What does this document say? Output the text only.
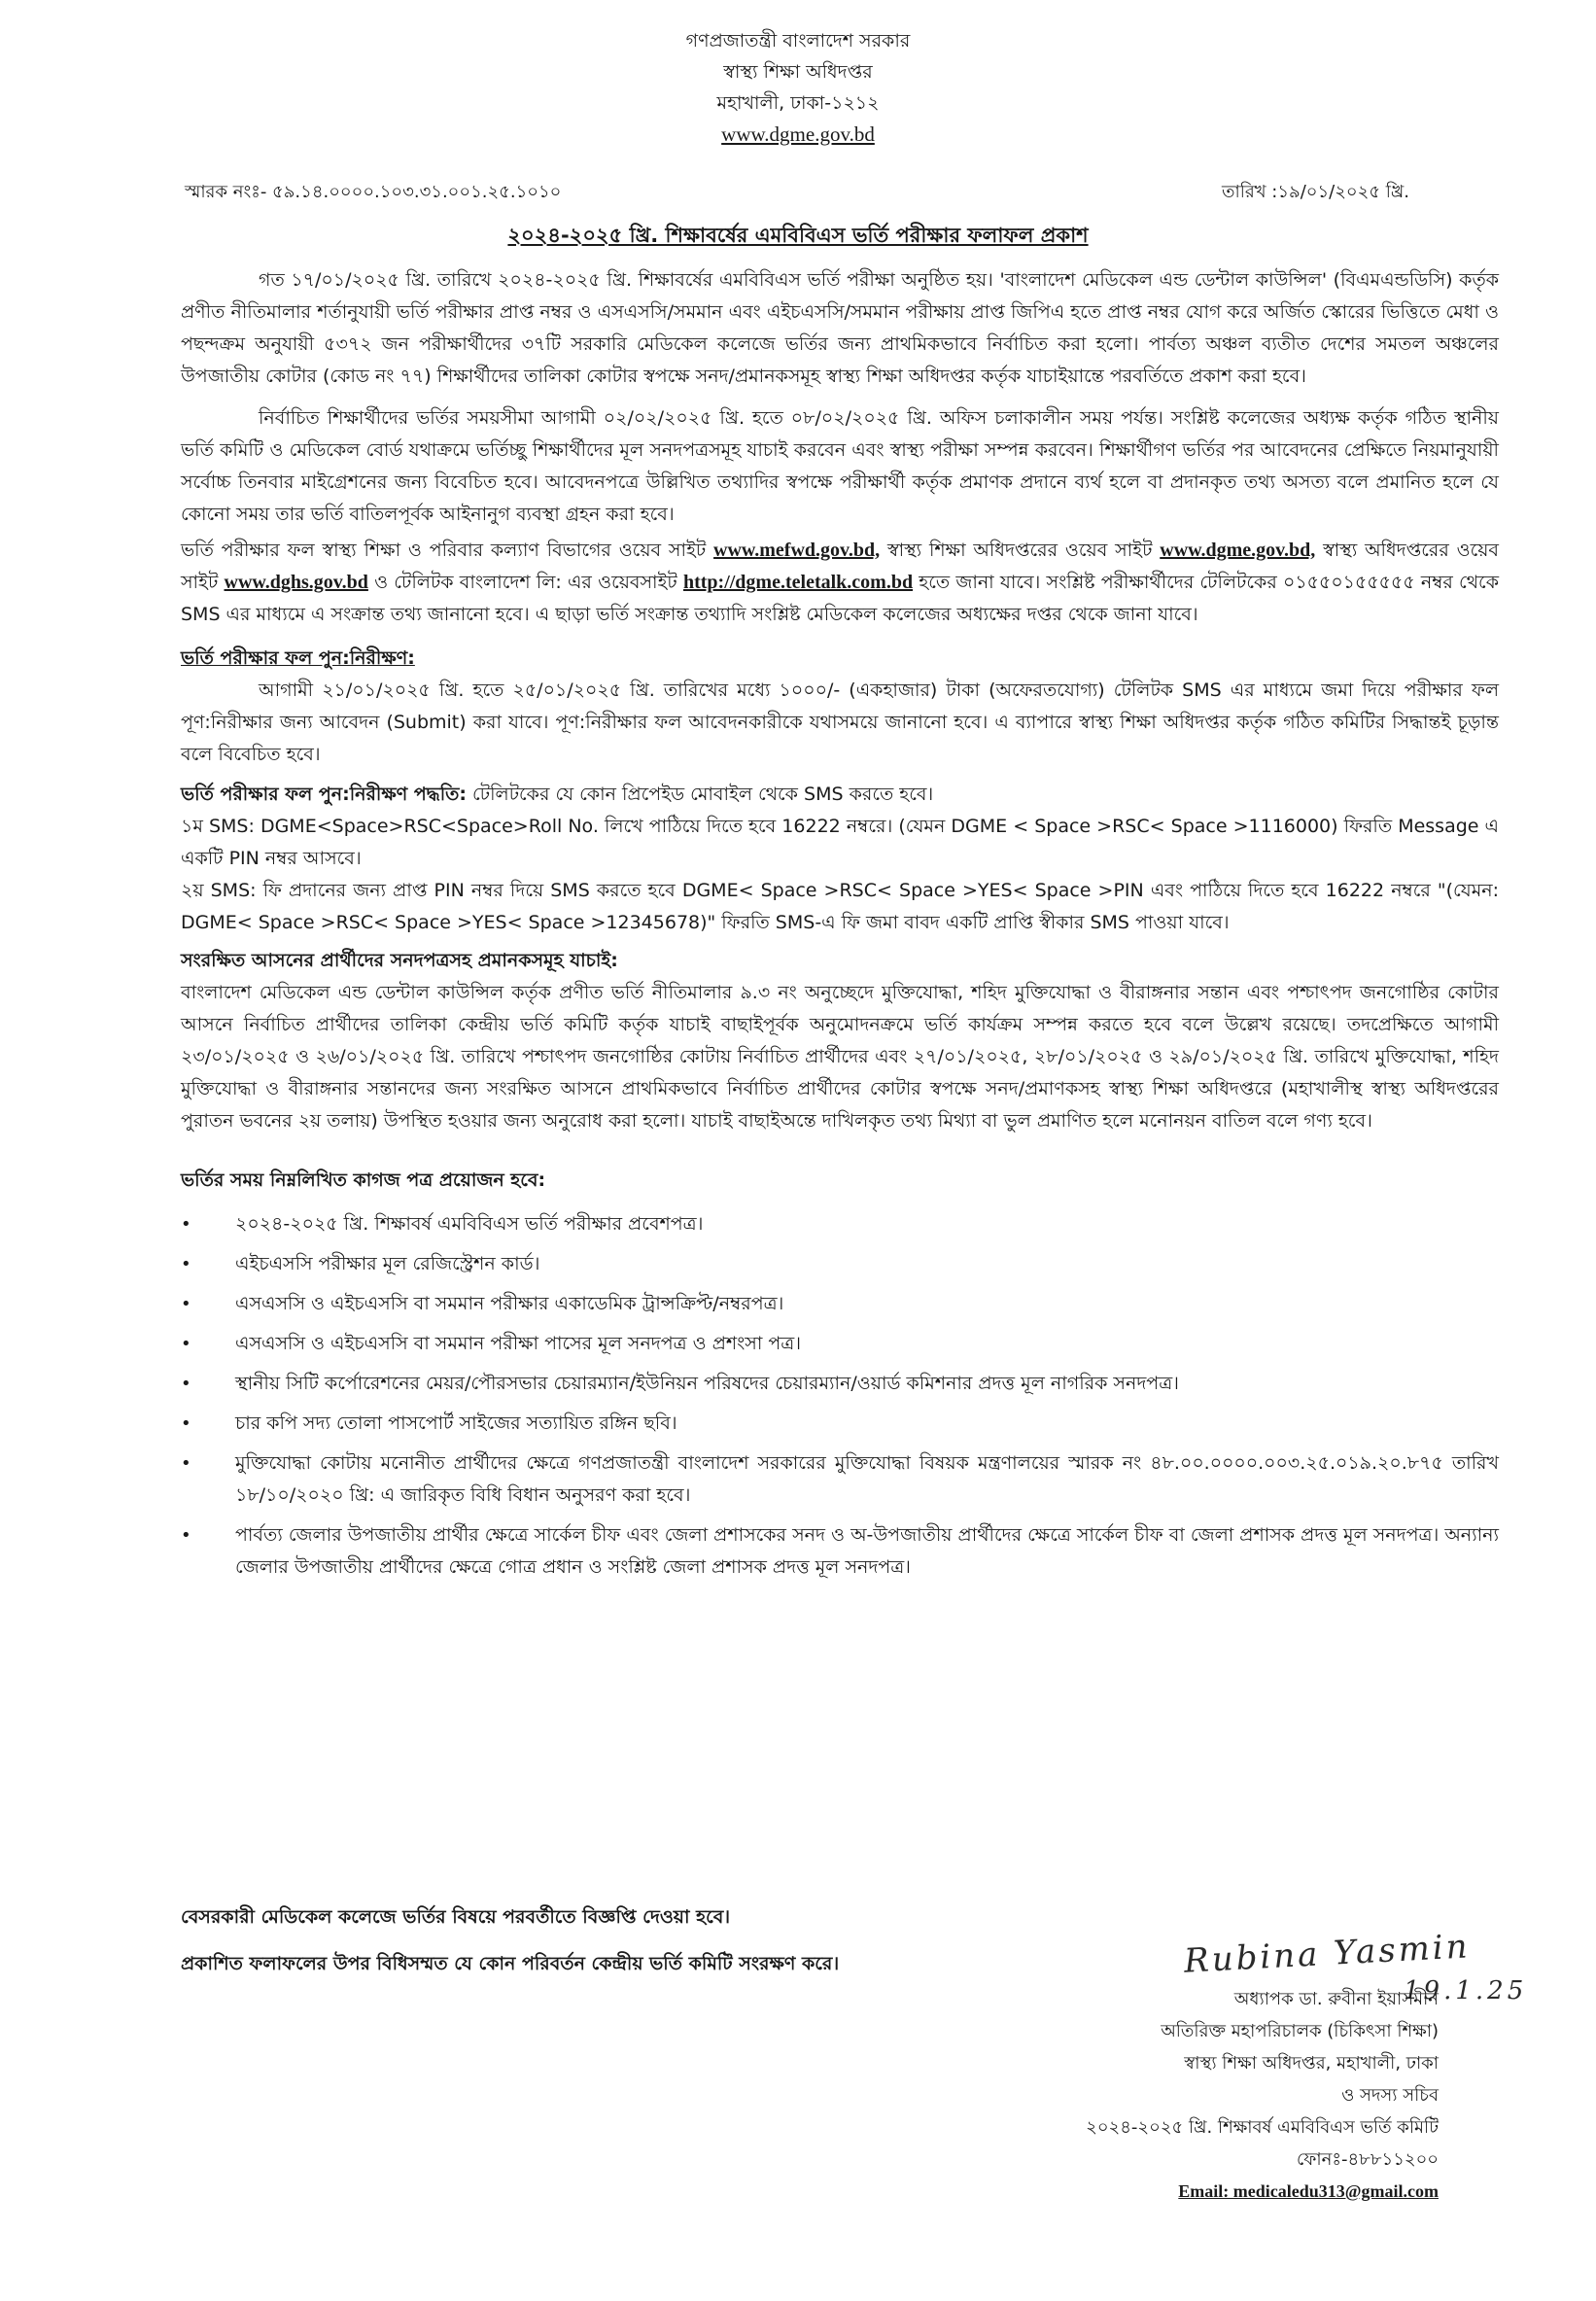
গণপ্রজাতন্ত্রী বাংলাদেশ সরকার
স্বাস্থ্য শিক্ষা অধিদপ্তর
মহাখালী, ঢাকা-১২১২
www.dgme.gov.bd
স্মারক নংঃ- ৫৯.১৪.০০০০.১০৩.৩১.০০১.২৫.১০১০	তারিখ :১৯/০১/২০২৫ খ্রি.
২০২৪-২০২৫ খ্রি. শিক্ষাবর্ষের এমবিবিএস ভর্তি পরীক্ষার ফলাফল প্রকাশ

গত ১৭/০১/২০২৫ খ্রি. তারিখে ২০২৪-২০২৫ খ্রি. শিক্ষাবর্ষের এমবিবিএস ভর্তি পরীক্ষা অনুষ্ঠিত হয়। 'বাংলাদেশ মেডিকেল এন্ড ডেন্টাল কাউন্সিল' (বিএমএন্ডডিসি) কর্তৃক প্রণীত নীতিমালার শর্তানুযায়ী ভর্তি পরীক্ষার প্রাপ্ত নম্বর ও এসএসসি/সমমান এবং এইচএসসি/সমমান পরীক্ষায় প্রাপ্ত জিপিএ হতে প্রাপ্ত নম্বর যোগ করে অর্জিত স্কোরের ভিত্তিতে মেধা ও পছন্দক্রম অনুযায়ী ৫৩৭২ জন পরীক্ষার্থীদের ৩৭টি সরকারি মেডিকেল কলেজে ভর্তির জন্য প্রাথমিকভাবে নির্বাচিত করা হলো। পার্বত্য অঞ্চল ব্যতীত দেশের সমতল অঞ্চলের উপজাতীয় কোটার (কোড নং ৭৭) শিক্ষার্থীদের তালিকা কোটার স্বপক্ষে সনদ/প্রমানকসমূহ স্বাস্থ্য শিক্ষা অধিদপ্তর কর্তৃক যাচাইয়ান্তে পরবর্তিতে প্রকাশ করা হবে।

নির্বাচিত শিক্ষার্থীদের ভর্তির সময়সীমা আগামী ০২/০২/২০২৫ খ্রি. হতে ০৮/০২/২০২৫ খ্রি. অফিস চলাকালীন সময় পর্যন্ত। সংশ্লিষ্ট কলেজের অধ্যক্ষ কর্তৃক গঠিত স্থানীয় ভর্তি কমিটি ও মেডিকেল বোর্ড যথাক্রমে ভর্তিচ্ছু শিক্ষার্থীদের মূল সনদপত্রসমূহ যাচাই করবেন এবং স্বাস্থ্য পরীক্ষা সম্পন্ন করবেন। শিক্ষার্থীগণ ভর্তির পর আবেদনের প্রেক্ষিতে নিয়মানুযায়ী সর্বোচ্চ তিনবার মাইগ্রেশনের জন্য বিবেচিত হবে। আবেদনপত্রে উল্লিখিত তথ্যাদির স্বপক্ষে পরীক্ষার্থী কর্তৃক প্রমাণক প্রদানে ব্যর্থ হলে বা প্রদানকৃত তথ্য অসত্য বলে প্রমানিত হলে যে কোনো সময় তার ভর্তি বাতিলপূর্বক আইনানুগ ব্যবস্থা গ্রহন করা হবে।

ভর্তি পরীক্ষার ফল স্বাস্থ্য শিক্ষা ও পরিবার কল্যাণ বিভাগের ওয়েব সাইট www.mefwd.gov.bd, স্বাস্থ্য শিক্ষা অধিদপ্তরের ওয়েব সাইট www.dgme.gov.bd, স্বাস্থ্য অধিদপ্তরের ওয়েব সাইট www.dghs.gov.bd ও টেলিটক বাংলাদেশ লি: এর ওয়েবসাইট http://dgme.teletalk.com.bd হতে জানা যাবে। সংশ্লিষ্ট পরীক্ষার্থীদের টেলিটকের ০১৫৫০১৫৫৫৫৫ নম্বর থেকে SMS এর মাধ্যমে এ সংক্রান্ত তথ্য জানানো হবে। এ ছাড়া ভর্তি সংক্রান্ত তথ্যাদি সংশ্লিষ্ট মেডিকেল কলেজের অধ্যক্ষের দপ্তর থেকে জানা যাবে।

ভর্তি পরীক্ষার ফল পুন:নিরীক্ষণ:

আগামী ২১/০১/২০২৫ খ্রি. হতে ২৫/০১/২০২৫ খ্রি. তারিখের মধ্যে ১০০০/- (একহাজার) টাকা (অফেরতযোগ্য) টেলিটক SMS এর মাধ্যমে জমা দিয়ে পরীক্ষার ফল পূণ:নিরীক্ষার জন্য আবেদন (Submit) করা যাবে। পূণ:নিরীক্ষার ফল আবেদনকারীকে যথাসময়ে জানানো হবে। এ ব্যাপারে স্বাস্থ্য শিক্ষা অধিদপ্তর কর্তৃক গঠিত কমিটির সিদ্ধান্তই চূড়ান্ত বলে বিবেচিত হবে।

ভর্তি পরীক্ষার ফল পুন:নিরীক্ষণ পদ্ধতি: টেলিটকের যে কোন প্রিপেইড মোবাইল থেকে SMS করতে হবে।

১ম SMS: DGME<Space>RSC<Space>Roll No. লিখে পাঠিয়ে দিতে হবে 16222 নম্বরে। (যেমন DGME < Space >RSC< Space >1116000) ফিরতি Message এ একটি PIN নম্বর আসবে।

২য় SMS: ফি প্রদানের জন্য প্রাপ্ত PIN নম্বর দিয়ে SMS করতে হবে DGME< Space >RSC< Space >YES< Space >PIN এবং পাঠিয়ে দিতে হবে 16222 নম্বরে "(যেমন: DGME< Space >RSC< Space >YES< Space >12345678)" ফিরতি SMS-এ ফি জমা বাবদ একটি প্রাপ্তি স্বীকার SMS পাওয়া যাবে।

সংরক্ষিত আসনের প্রার্থীদের সনদপত্রসহ প্রমানকসমূহ যাচাই:

বাংলাদেশ মেডিকেল এন্ড ডেন্টাল কাউন্সিল কর্তৃক প্রণীত ভর্তি নীতিমালার ৯.৩ নং অনুচ্ছেদে মুক্তিযোদ্ধা, শহিদ মুক্তিযোদ্ধা ও বীরাঙ্গনার সন্তান এবং পশ্চাৎপদ জনগোষ্ঠির কোটার আসনে নির্বাচিত প্রার্থীদের তালিকা কেন্দ্রীয় ভর্তি কমিটি কর্তৃক যাচাই বাছাইপূর্বক অনুমোদনক্রমে ভর্তি কার্যক্রম সম্পন্ন করতে হবে বলে উল্লেখ রয়েছে। তদপ্রেক্ষিতে আগামী ২৩/০১/২০২৫ ও ২৬/০১/২০২৫ খ্রি. তারিখে পশ্চাৎপদ জনগোষ্ঠির কোটায় নির্বাচিত প্রার্থীদের এবং ২৭/০১/২০২৫, ২৮/০১/২০২৫ ও ২৯/০১/২০২৫ খ্রি. তারিখে মুক্তিযোদ্ধা, শহিদ মুক্তিযোদ্ধা ও বীরাঙ্গনার সন্তানদের জন্য সংরক্ষিত আসনে প্রাথমিকভাবে নির্বাচিত প্রার্থীদের কোটার স্বপক্ষে সনদ/প্রমাণকসহ স্বাস্থ্য শিক্ষা অধিদপ্তরে (মহাখালীস্থ স্বাস্থ্য অধিদপ্তরের পুরাতন ভবনের ২য় তলায়) উপস্থিত হওয়ার জন্য অনুরোধ করা হলো। যাচাই বাছাইঅন্তে দাখিলকৃত তথ্য মিথ্যা বা ভুল প্রমাণিত হলে মনোনয়ন বাতিল বলে গণ্য হবে।

ভর্তির সময় নিম্নলিখিত কাগজ পত্র প্রয়োজন হবে:

• ২০২৪-২০২৫ খ্রি. শিক্ষাবর্ষ এমবিবিএস ভর্তি পরীক্ষার প্রবেশপত্র।
• এইচএসসি পরীক্ষার মূল রেজিস্ট্রেশন কার্ড।
• এসএসসি ও এইচএসসি বা সমমান পরীক্ষার একাডেমিক ট্রান্সক্রিপ্ট/নম্বরপত্র।
• এসএসসি ও এইচএসসি বা সমমান পরীক্ষা পাসের মূল সনদপত্র ও প্রশংসা পত্র।
• স্থানীয় সিটি কর্পোরেশনের মেয়র/পৌরসভার চেয়ারম্যান/ইউনিয়ন পরিষদের চেয়ারম্যান/ওয়ার্ড কমিশনার প্রদত্ত মূল নাগরিক সনদপত্র।
• চার কপি সদ্য তোলা পাসপোর্ট সাইজের সত্যায়িত রঙ্গিন ছবি।
• মুক্তিযোদ্ধা কোটায় মনোনীত প্রার্থীদের ক্ষেত্রে গণপ্রজাতন্ত্রী বাংলাদেশ সরকারের মুক্তিযোদ্ধা বিষয়ক মন্ত্রণালয়ের স্মারক নং ৪৮.০০.০০০০.০০৩.২৫.০১৯.২০.৮৭৫ তারিখ ১৮/১০/২০২০ খ্রি: এ জারিকৃত বিধি বিধান অনুসরণ করা হবে।
• পার্বত্য জেলার উপজাতীয় প্রার্থীর ক্ষেত্রে সার্কেল চীফ এবং জেলা প্রশাসকের সনদ ও অ-উপজাতীয় প্রার্থীদের ক্ষেত্রে সার্কেল চীফ বা জেলা প্রশাসক প্রদত্ত মূল সনদপত্র। অন্যান্য জেলার উপজাতীয় প্রার্থীদের ক্ষেত্রে গোত্র প্রধান ও সংশ্লিষ্ট জেলা প্রশাসক প্রদত্ত মূল সনদপত্র।
বেসরকারী মেডিকেল কলেজে ভর্তির বিষয়ে পরবর্তীতে বিজ্ঞপ্তি দেওয়া হবে।
প্রকাশিত ফলাফলের উপর বিধিসম্মত যে কোন পরিবর্তন কেন্দ্রীয় ভর্তি কমিটি সংরক্ষণ করে।	Rubina Yasmin
19.1.25
অধ্যাপক ডা. রুবীনা ইয়াসমীন
অতিরিক্ত মহাপরিচালক (চিকিৎসা শিক্ষা)
স্বাস্থ্য শিক্ষা অধিদপ্তর, মহাখালী, ঢাকা
ও সদস্য সচিব
২০২৪-২০২৫ খ্রি. শিক্ষাবর্ষ এমবিবিএস ভর্তি কমিটি
ফোনঃ-৪৮৮১১২০০
Email: medicaledu313@gmail.com
